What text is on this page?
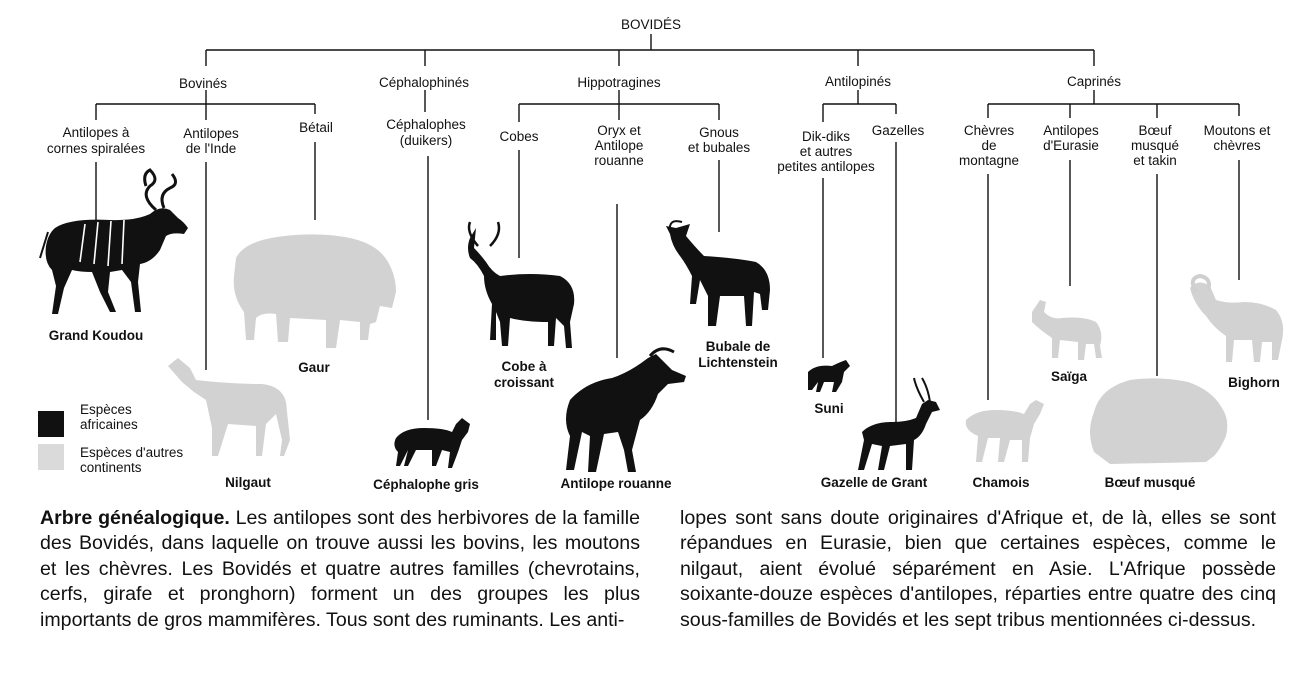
BOVIDÉS
Bovinés	Céphalophinés	Hippotragines	Antilopinés	Caprinés
Antilopes à
cornes spiralées
Antilopes
de l'Inde
Bétail	Céphalophes
(duikers)	Cobes	Oryx et
Antilope
rouanne
Gnous
et bubales
Dik-diks
et autres
petites antilopes
Gazelles	Chèvres
de
montagne
Antilopes
d'Eurasie
Bœuf
musqué
et takin
Moutons et
chèvres
Grand Koudou
Nilgaut
Gaur
Céphalophe gris
Cobe à
croissant
Antilope rouanne
Bubale de
Lichtenstein
Suni
Gazelle de Grant	Chamois
Saïga
Bœuf musqué
Bighorn
Espèces
africaines
Espèces d'autres
continents

Arbre généalogique. Les antilopes sont des herbivores de la famille des Bovidés, dans laquelle on trouve aussi les bovins, les moutons et les chèvres. Les Bovidés et quatre autres familles (chevrotains, cerfs, girafe et pronghorn) forment un des groupes les plus importants de gros mammifères. Tous sont des ruminants. Les anti-

lopes sont sans doute originaires d'Afrique et, de là, elles se sont répandues en Eurasie, bien que certaines espèces, comme le nilgaut, aient évolué séparément en Asie. L'Afrique possède soixante-douze espèces d'antilopes, réparties entre quatre des cinq sous-familles de Bovidés et les sept tribus mentionnées ci-dessus.
